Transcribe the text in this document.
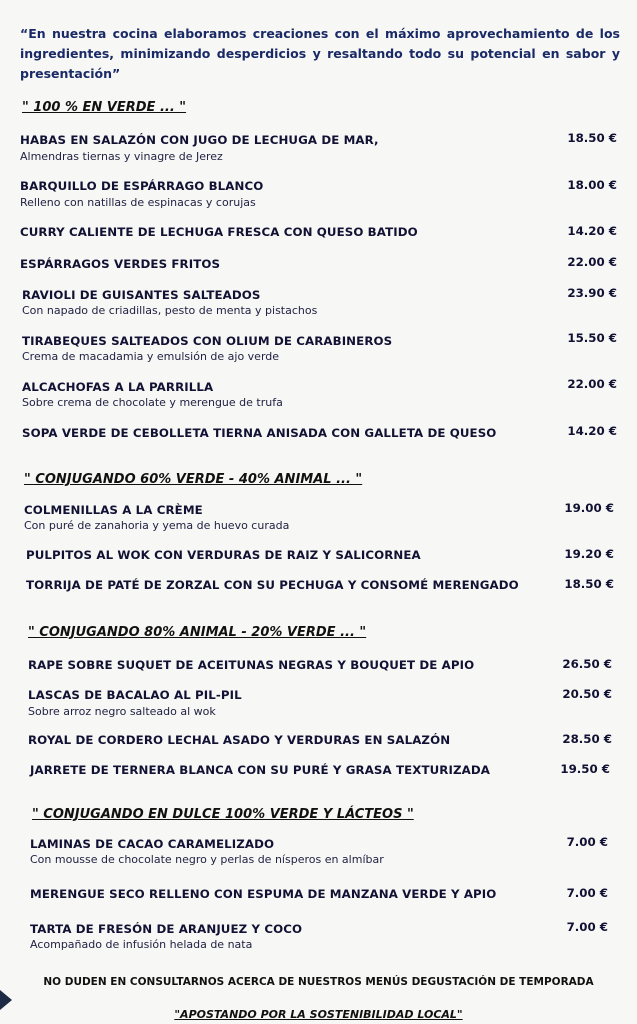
“En nuestra cocina elaboramos creaciones con el máximo aprovechamiento de los ingredientes, minimizando desperdicios y resaltando todo su potencial en sabor y presentación”
" 100 % EN VERDE ... "
HABAS EN SALAZÓN CON JUGO DE LECHUGA DE MAR,
Almendras tiernas y vinagre de Jerez
18.50 €
BARQUILLO DE ESPÁRRAGO BLANCO
Relleno con natillas de espinacas y corujas
18.00 €
CURRY CALIENTE DE LECHUGA FRESCA CON QUESO BATIDO	14.20 €
ESPÁRRAGOS VERDES FRITOS	22.00 €
RAVIOLI DE GUISANTES SALTEADOS
Con napado de criadillas, pesto de menta y pistachos
23.90 €
TIRABEQUES SALTEADOS CON OLIUM DE CARABINEROS
Crema de macadamia y emulsión de ajo verde
15.50 €
ALCACHOFAS A LA PARRILLA
Sobre crema de chocolate y merengue de trufa
22.00 €
SOPA VERDE DE CEBOLLETA TIERNA ANISADA CON GALLETA DE QUESO	14.20 €
" CONJUGANDO 60% VERDE - 40% ANIMAL ... "
COLMENILLAS A LA CRÈME
Con puré de zanahoria y yema de huevo curada
19.00 €
PULPITOS AL WOK CON VERDURAS DE RAIZ Y SALICORNEA	19.20 €
TORRIJA DE PATÉ DE ZORZAL CON SU PECHUGA Y CONSOMÉ MERENGADO	18.50 €
" CONJUGANDO 80% ANIMAL - 20% VERDE ... "
RAPE SOBRE SUQUET DE ACEITUNAS NEGRAS Y BOUQUET DE APIO	26.50 €
LASCAS DE BACALAO AL PIL-PIL
Sobre arroz negro salteado al wok
20.50 €
ROYAL DE CORDERO LECHAL ASADO Y VERDURAS EN SALAZÓN	28.50 €
JARRETE DE TERNERA BLANCA CON SU PURÉ Y GRASA TEXTURIZADA	19.50 €
" CONJUGANDO EN DULCE 100% VERDE Y LÁCTEOS "
LAMINAS DE CACAO CARAMELIZADO
Con mousse de chocolate negro y perlas de nísperos en almíbar
7.00 €
MERENGUE SECO RELLENO CON ESPUMA DE MANZANA VERDE Y APIO	7.00 €
TARTA DE FRESÓN DE ARANJUEZ Y COCO
Acompañado de infusión helada de nata
7.00 €
NO DUDEN EN CONSULTARNOS ACERCA DE NUESTROS MENÚS DEGUSTACIÓN DE TEMPORADA
"APOSTANDO POR LA SOSTENIBILIDAD LOCAL"
